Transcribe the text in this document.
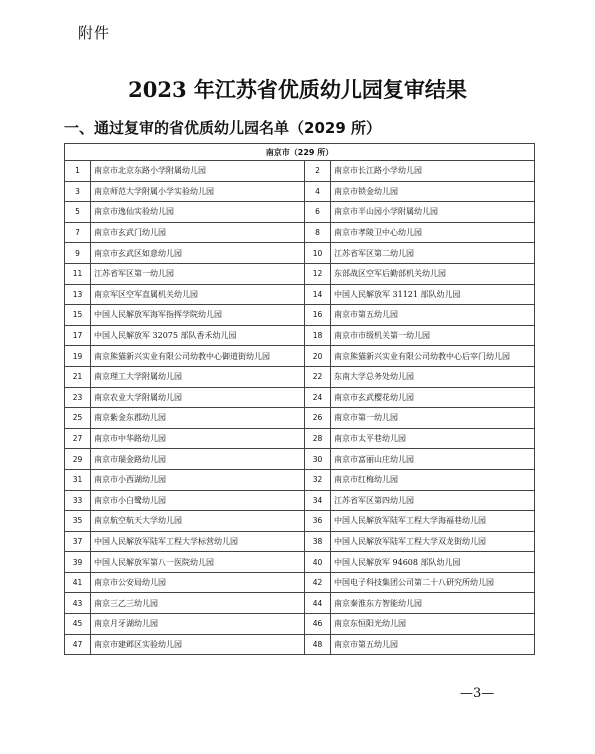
附件
2023 年江苏省优质幼儿园复审结果
一、通过复审的省优质幼儿园名单（2029 所）
南京市（229 所）			
1	南京市北京东路小学附属幼儿园	2	南京市长江路小学幼儿园
3	南京师范大学附属小学实验幼儿园	4	南京市锁金幼儿园
5	南京市逸仙实验幼儿园	6	南京市半山园小学附属幼儿园
7	南京市玄武门幼儿园	8	南京市孝陵卫中心幼儿园
9	南京市玄武区如意幼儿园	10	江苏省军区第二幼儿园
11	江苏省军区第一幼儿园	12	东部战区空军后勤部机关幼儿园
13	南京军区空军直属机关幼儿园	14	中国人民解放军 31121 部队幼儿园
15	中国人民解放军海军指挥学院幼儿园	16	南京市第五幼儿园
17	中国人民解放军 32075 部队香禾幼儿园	18	南京市市级机关第一幼儿园
19	南京熊猫新兴实业有限公司幼教中心御道街幼儿园	20	南京熊猫新兴实业有限公司幼教中心后宰门幼儿园
21	南京理工大学附属幼儿园	22	东南大学总务处幼儿园
23	南京农业大学附属幼儿园	24	南京市玄武樱花幼儿园
25	南京紫金东郡幼儿园	26	南京市第一幼儿园
27	南京市中华路幼儿园	28	南京市太平巷幼儿园
29	南京市瑞金路幼儿园	30	南京市富丽山庄幼儿园
31	南京市小西湖幼儿园	32	南京市红梅幼儿园
33	南京市小白鹭幼儿园	34	江苏省军区第四幼儿园
35	南京航空航天大学幼儿园	36	中国人民解放军陆军工程大学海福巷幼儿园
37	中国人民解放军陆军工程大学标营幼儿园	38	中国人民解放军陆军工程大学双龙街幼儿园
39	中国人民解放军第八一医院幼儿园	40	中国人民解放军 94608 部队幼儿园
41	南京市公安局幼儿园	42	中国电子科技集团公司第二十八研究所幼儿园
43	南京三乙三幼儿园	44	南京秦淮东方智能幼儿园
45	南京月牙湖幼儿园	46	南京东恒阳光幼儿园
47	南京市建邺区实验幼儿园	48	南京市第五幼儿园
—3—
